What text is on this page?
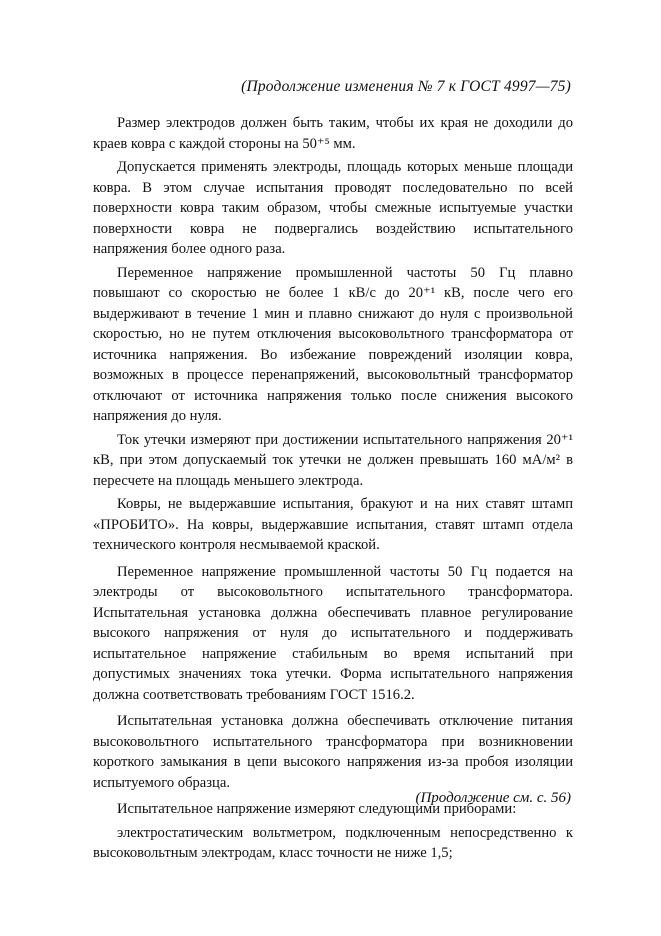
(Продолжение изменения № 7 к ГОСТ 4997—75)

Размер электродов должен быть таким, чтобы их края не доходили до краев ковра с каждой стороны на 50⁺⁵ мм.

Допускается применять электроды, площадь которых меньше площади ковра. В этом случае испытания проводят последовательно по всей поверхности ковра таким образом, чтобы смежные испытуемые участки поверхности ковра не подвергались воздействию испытательного напряжения более одного раза.

Переменное напряжение промышленной частоты 50 Гц плавно повышают со скоростью не более 1 кВ/с до 20⁺¹ кВ, после чего его выдерживают в течение 1 мин и плавно снижают до нуля с произвольной скоростью, но не путем отключения высоковольтного трансформатора от источника напряжения. Во избежание повреждений изоляции ковра, возможных в процессе перенапряжений, высоковольтный трансформатор отключают от источника напряжения только после снижения высокого напряжения до нуля.

Ток утечки измеряют при достижении испытательного напряжения 20⁺¹ кВ, при этом допускаемый ток утечки не должен превышать 160 мА/м² в пересчете на площадь меньшего электрода.

Ковры, не выдержавшие испытания, бракуют и на них ставят штамп «ПРОБИТО». На ковры, выдержавшие испытания, ставят штамп отдела технического контроля несмываемой краской.

Переменное напряжение промышленной частоты 50 Гц подается на электроды от высоковольтного испытательного трансформатора. Испытательная установка должна обеспечивать плавное регулирование высокого напряжения от нуля до испытательного и поддерживать испытательное напряжение стабильным во время испытаний при допустимых значениях тока утечки. Форма испытательного напряжения должна соответствовать требованиям ГОСТ 1516.2.

Испытательная установка должна обеспечивать отключение питания высоковольтного испытательного трансформатора при возникновении короткого замыкания в цепи высокого напряжения из-за пробоя изоляции испытуемого образца.

Испытательное напряжение измеряют следующими приборами:

электростатическим вольтметром, подключенным непосредственно к высоковольтным электродам, класс точности не ниже 1,5;

(Продолжение см. с. 56)
